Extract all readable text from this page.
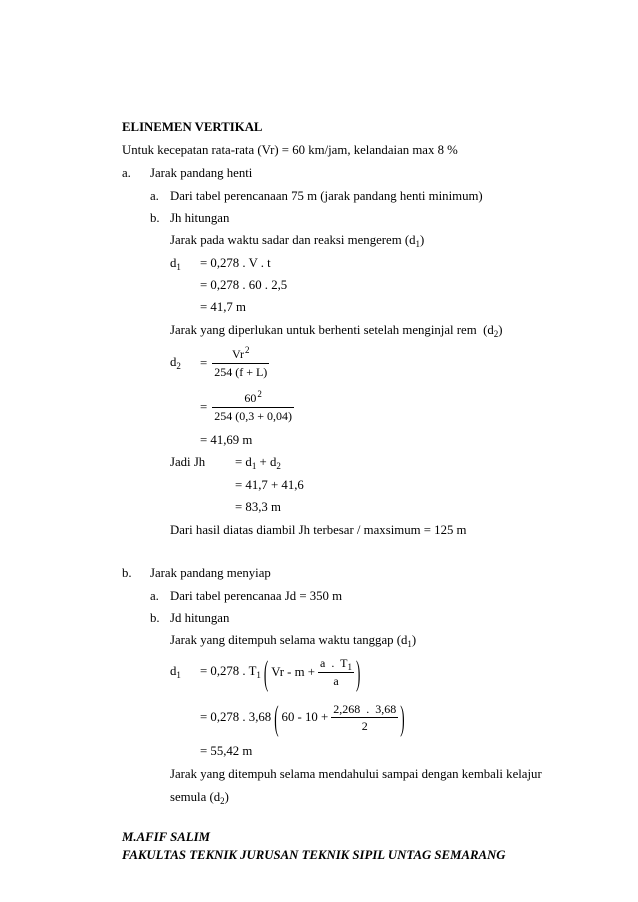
ELINEMEN VERTIKAL
Untuk kecepatan rata-rata (Vr) = 60 km/jam, kelandaian max 8 %
a. Jarak pandang henti
a. Dari tabel perencanaan 75 m (jarak pandang henti minimum)
b. Jh hitungan
Jarak pada waktu sadar dan reaksi mengerem $(d_1)$
$d_1 = 0,278$ . V . t
= 0,278 . 60 . 2,5
= 41,7 m
Jarak yang diperlukan untuk berhenti setelah menginjal rem  $(d_2)$
$d_2$	= $\frac{Vr^2}{254 (f + L)}$
= $\frac{60^2}{254 (0,3 + 0,04)}$
= 41,69 m
Jadi $Jh = d_1 + d_2$
= 41,7 + 41,6
= 83,3 m
Dari hasil diatas diambil Jh terbesar / maxsimum = 125 m
b. Jarak pandang menyiap
a. Dari tabel perencanaa Jd = 350 m
b. Jd hitungan
Jarak yang ditempuh selama waktu tanggap $(d_1)$
$d_1$	= 0,278 . $T_1$ ( $Vr - m + \frac{a . T_1}{a}$ )
= 0,278 . 3,68 ( $60 - 10 + \frac{2,268 . 3,68}{2}$ )
= 55,42 m
Jarak yang ditempuh selama mendahului sampai dengan kembali kelajur
semula $(d_2)$
M.AFIF SALIM
FAKULTAS TEKNIK JURUSAN TEKNIK SIPIL UNTAG SEMARANG
